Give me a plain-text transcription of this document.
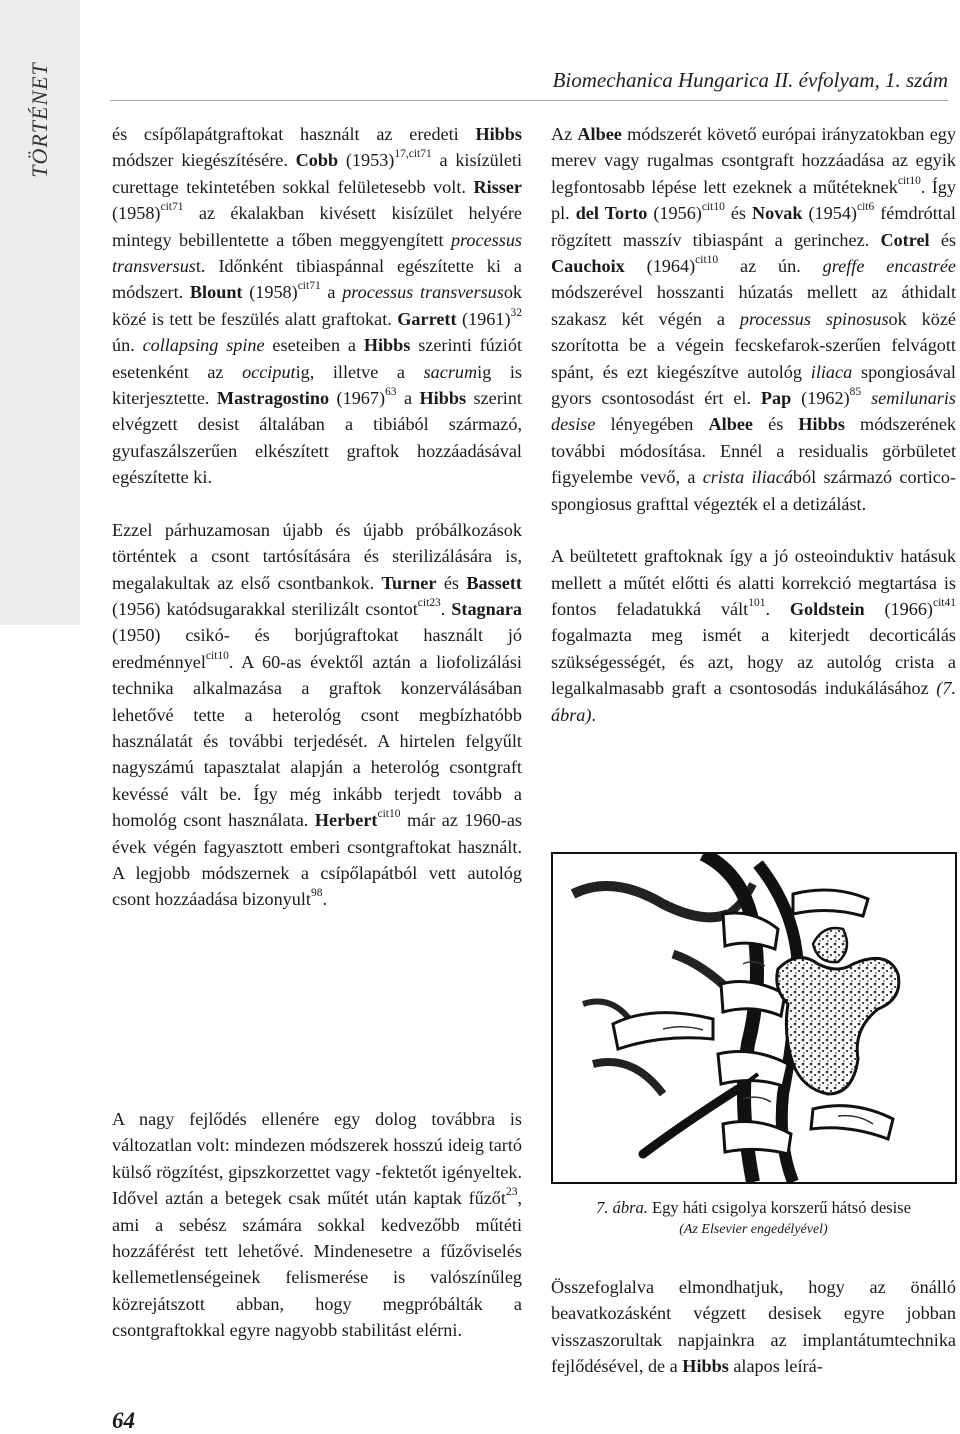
TÖRTÉNET	Biomechanica Hungarica II. évfolyam, 1. szám

és csípőlapátgraftokat használt az eredeti Hibbs módszer kiegészítésére. Cobb $(1953)^{17,cit71}$ a kisízületi curettage tekintetében sokkal felületesebb volt. Risser $(1958)^{cit71}$ az ékalakban kivésett kisízület helyére mintegy bebillentette a tőben meggyengített processus transversust. Időnként tibiaspánnal egészítette ki a módszert. Blount $(1958)^{cit71}$ a processus transversusok közé is tett be feszülés alatt graftokat. Garrett $(1961)^{32}$ ún. collapsing spine eseteiben a Hibbs szerinti fúziót esetenként az occiputig, illetve a sacrumig is kiterjesztette. Mastragostino $(1967)^{63}$ a Hibbs szerint elvégzett desist általában a tibiából származó, gyufaszálszerűen elkészített graftok hozzáadásával egészítette ki.

Ezzel párhuzamosan újabb és újabb próbálkozások történtek a csont tartósítására és sterilizálására is, megalakultak az első csontbankok. Turner és Bassett (1956) katódsugarakkal sterilizált csontot$^{cit23}$. Stagnara (1950) csikó- és borjúgraftokat használt jó eredménnyel$^{cit10}$. A 60-as évektől aztán a liofolizálási technika alkalmazása a graftok konzerválásában lehetővé tette a heterológ csont megbízhatóbb használatát és további terjedését. A hirtelen felgyűlt nagyszámú tapasztalat alapján a heterológ csontgraft kevéssé vált be. Így még inkább terjedt tovább a homológ csont használata. Herbert$^{cit10}$ már az 1960-as évek végén fagyasztott emberi csontgraftokat használt. A legjobb módszernek a csípőlapátból vett autológ csont hozzáadása bizonyult$^{98}$.

A nagy fejlődés ellenére egy dolog továbbra is változatlan volt: mindezen módszerek hosszú ideig tartó külső rögzítést, gipszkorzettet vagy -fektetőt igényeltek. Idővel aztán a betegek csak műtét után kaptak fűzőt$^{23}$, ami a sebész számára sokkal kedvezőbb műtéti hozzáférést tett lehetővé. Mindenesetre a fűzőviselés kellemetlenségeinek felismerése is valószínűleg közrejátszott abban, hogy megpróbálták a csontgraftokkal egyre nagyobb stabilitást elérni.

Az Albee módszerét követő európai irányzatokban egy merev vagy rugalmas csontgraft hozzáadása az egyik legfontosabb lépése lett ezeknek a műtéteknek$^{cit10}$. Így pl. del Torto $(1956)^{cit10}$ és Novak $(1954)^{cit6}$ fémdróttal rögzített masszív tibiaspánt a gerinchez. Cotrel és Cauchoix $(1964)^{cit10}$ az ún. greffe encastrée módszerével hosszanti húzatás mellett az áthidalt szakasz két végén a processus spinosusok közé szorította be a végein fecskefarok-szerűen felvágott spánt, és ezt kiegészítve autológ iliaca spongiosával gyors csontosodást ért el. Pap $(1962)^{85}$ semilunaris desise lényegében Albee és Hibbs módszerének további módosítása. Ennél a residualis görbületet figyelembe vevő, a crista iliacából származó cortico-spongiosus grafttal végezték el a detizálást.

A beültetett graftoknak így a jó osteoinduktiv hatásuk mellett a műtét előtti és alatti korrekció megtartása is fontos feladatukká vált$^{101}$. Goldstein $(1966)^{cit41}$ fogalmazta meg ismét a kiterjedt decorticálás szükségességét, és azt, hogy az autológ crista a legalkalmasabb graft a csontosodás indukálásához (7. ábra).

7. ábra. Egy háti csigolya korszerű hátsó desise
(Az Elsevier engedélyével)

Összefoglalva elmondhatjuk, hogy az önálló beavatkozásként végzett desisek egyre jobban visszaszorultak napjainkra az implantátumtechnika fejlődésével, de a Hibbs alapos leírá-

64
